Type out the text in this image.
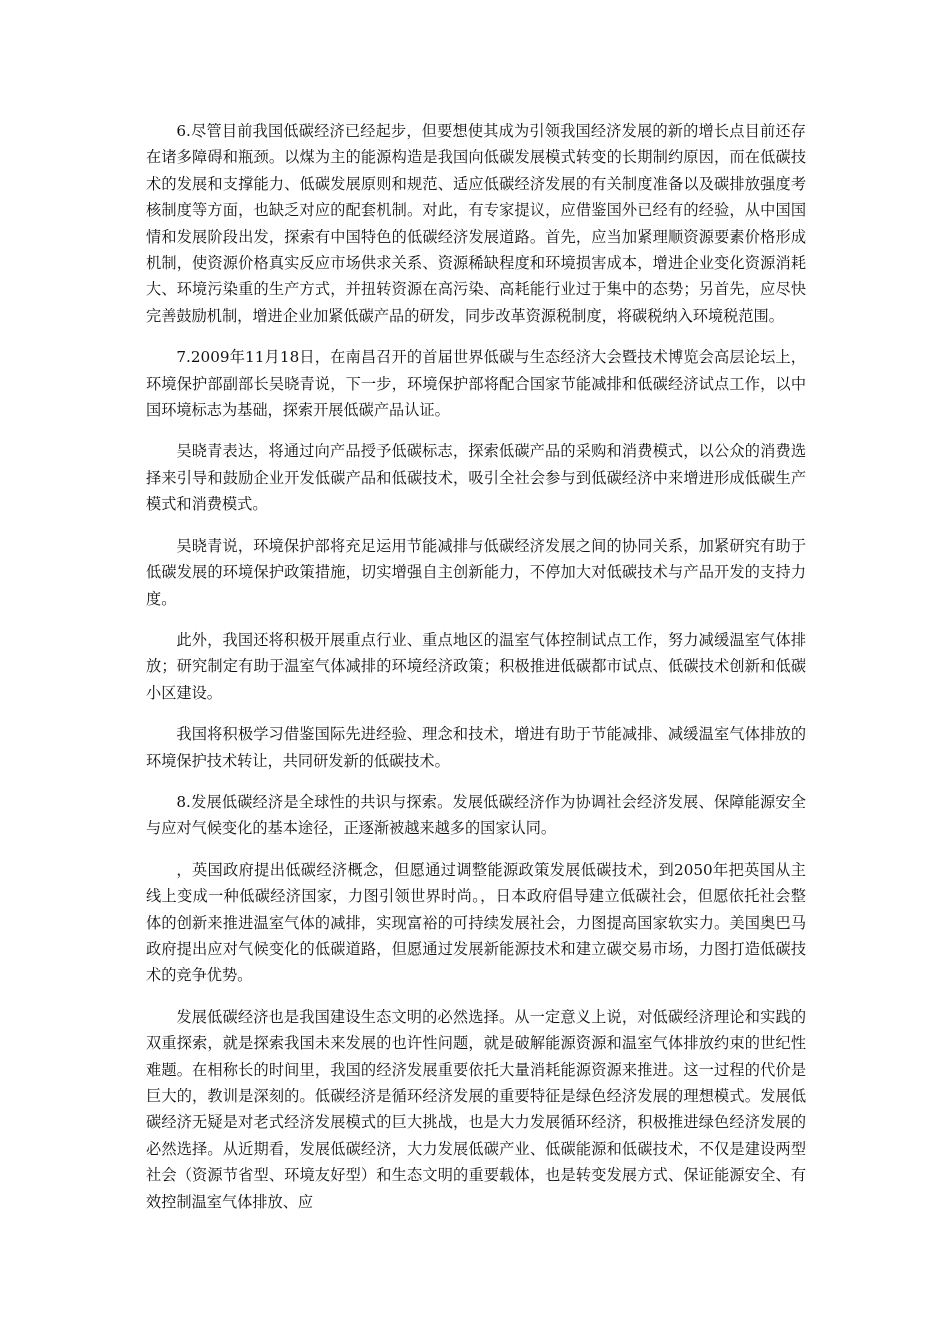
6.尽管目前我国低碳经济已经起步，但要想使其成为引领我国经济发展的新的增长点目前还存在诸多障碍和瓶颈。以煤为主的能源构造是我国向低碳发展模式转变的长期制约原因，而在低碳技术的发展和支撑能力、低碳发展原则和规范、适应低碳经济发展的有关制度准备以及碳排放强度考核制度等方面，也缺乏对应的配套机制。对此，有专家提议，应借鉴国外已经有的经验，从中国国情和发展阶段出发，探索有中国特色的低碳经济发展道路。首先，应当加紧理顺资源要素价格形成机制，使资源价格真实反应市场供求关系、资源稀缺程度和环境损害成本，增进企业变化资源消耗大、环境污染重的生产方式，并扭转资源在高污染、高耗能行业过于集中的态势；另首先，应尽快完善鼓励机制，增进企业加紧低碳产品的研发，同步改革资源税制度，将碳税纳入环境税范围。

7.2009年11月18日，在南昌召开的首届世界低碳与生态经济大会暨技术博览会高层论坛上，环境保护部副部长吴晓青说，下一步，环境保护部将配合国家节能减排和低碳经济试点工作，以中国环境标志为基础，探索开展低碳产品认证。

吴晓青表达，将通过向产品授予低碳标志，探索低碳产品的采购和消费模式，以公众的消费选择来引导和鼓励企业开发低碳产品和低碳技术，吸引全社会参与到低碳经济中来增进形成低碳生产模式和消费模式。

吴晓青说，环境保护部将充足运用节能减排与低碳经济发展之间的协同关系，加紧研究有助于低碳发展的环境保护政策措施，切实增强自主创新能力，不停加大对低碳技术与产品开发的支持力度。

此外，我国还将积极开展重点行业、重点地区的温室气体控制试点工作，努力减缓温室气体排放；研究制定有助于温室气体减排的环境经济政策；积极推进低碳都市试点、低碳技术创新和低碳小区建设。

我国将积极学习借鉴国际先进经验、理念和技术，增进有助于节能减排、减缓温室气体排放的环境保护技术转让，共同研发新的低碳技术。

8.发展低碳经济是全球性的共识与探索。发展低碳经济作为协调社会经济发展、保障能源安全与应对气候变化的基本途径，正逐渐被越来越多的国家认同。

，英国政府提出低碳经济概念，但愿通过调整能源政策发展低碳技术，到2050年把英国从主线上变成一种低碳经济国家，力图引领世界时尚。，日本政府倡导建立低碳社会，但愿依托社会整体的创新来推进温室气体的减排，实现富裕的可持续发展社会，力图提高国家软实力。美国奥巴马政府提出应对气候变化的低碳道路，但愿通过发展新能源技术和建立碳交易市场，力图打造低碳技术的竞争优势。

发展低碳经济也是我国建设生态文明的必然选择。从一定意义上说，对低碳经济理论和实践的双重探索，就是探索我国未来发展的也许性问题，就是破解能源资源和温室气体排放约束的世纪性难题。在相称长的时间里，我国的经济发展重要依托大量消耗能源资源来推进。这一过程的代价是巨大的，教训是深刻的。低碳经济是循环经济发展的重要特征是绿色经济发展的理想模式。发展低碳经济无疑是对老式经济发展模式的巨大挑战，也是大力发展循环经济，积极推进绿色经济发展的必然选择。从近期看，发展低碳经济，大力发展低碳产业、低碳能源和低碳技术，不仅是建设两型社会（资源节省型、环境友好型）和生态文明的重要载体，也是转变发展方式、保证能源安全、有效控制温室气体排放、应
